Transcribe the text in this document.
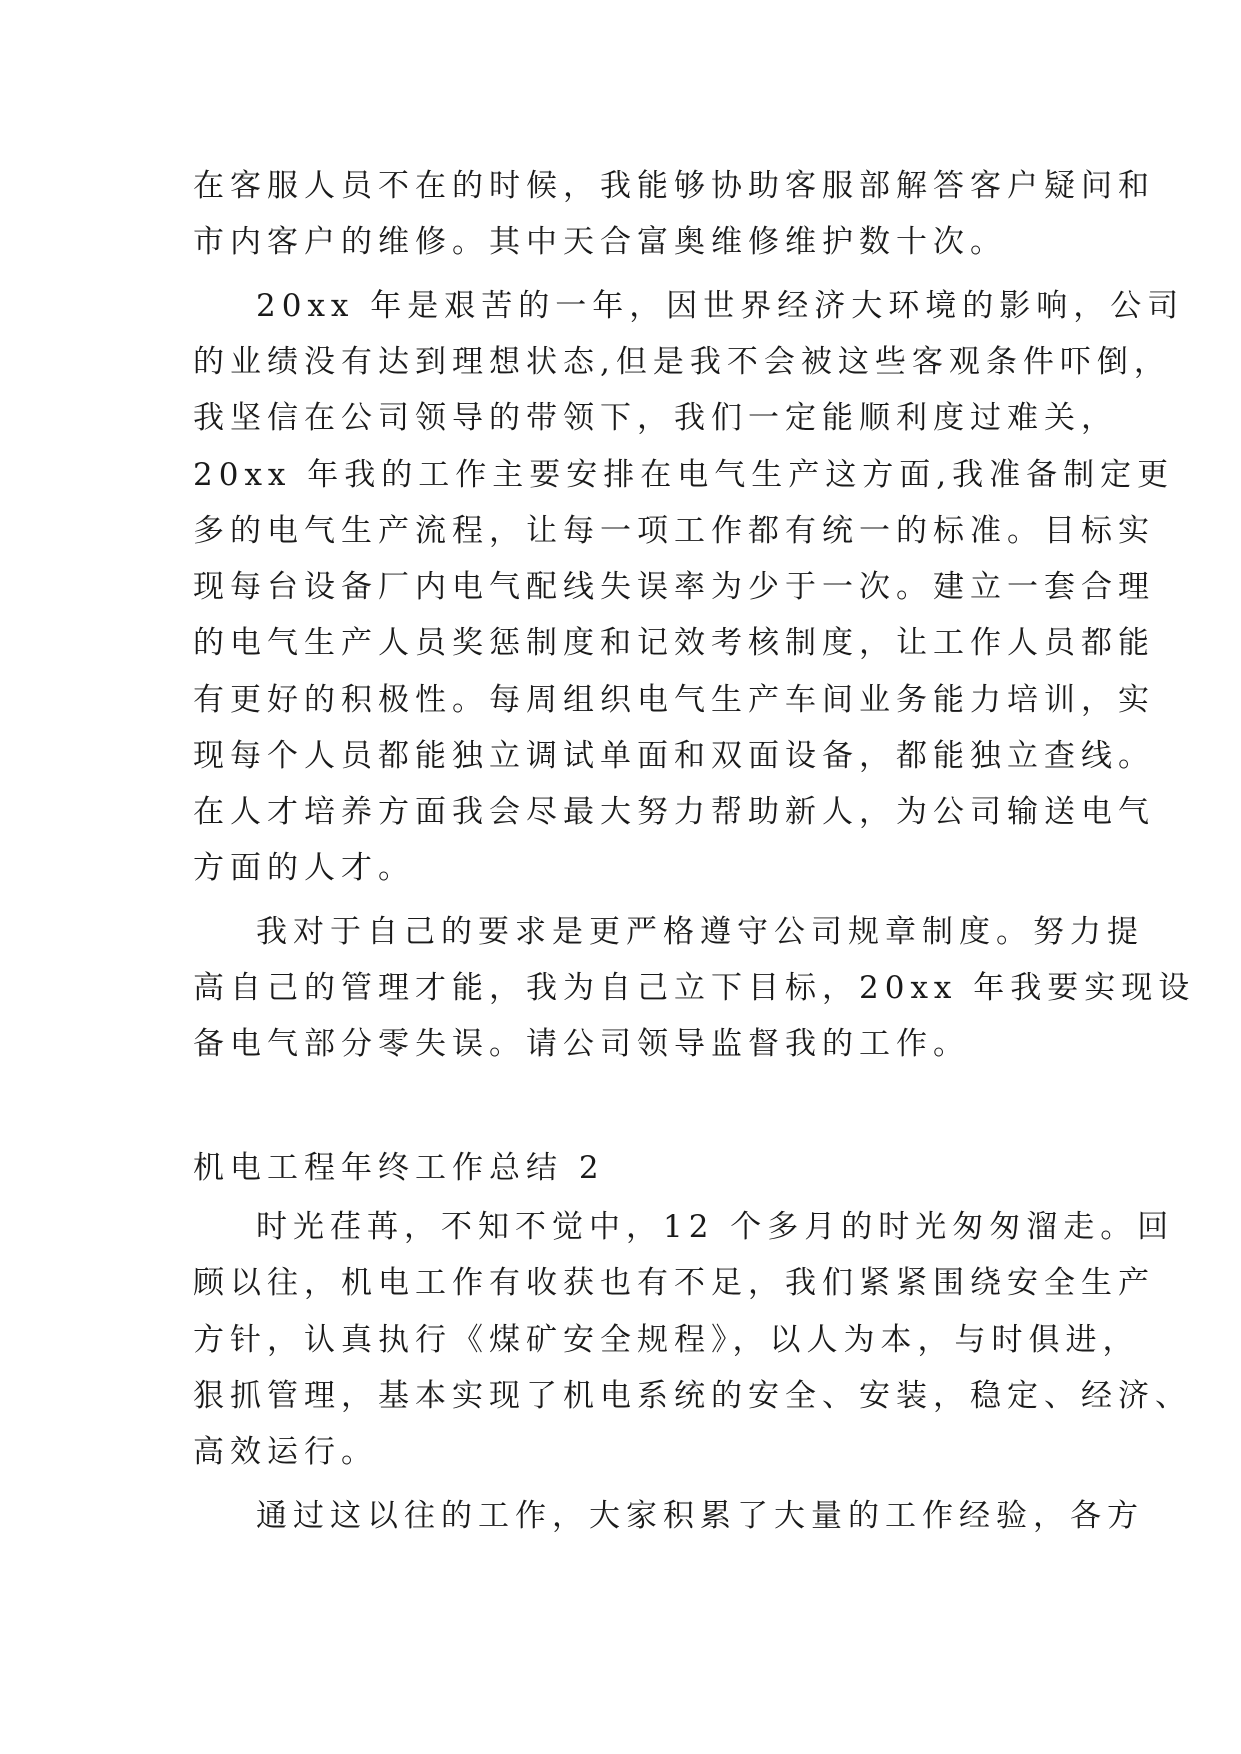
在客服人员不在的时候，我能够协助客服部解答客户疑问和
市内客户的维修。其中天合富奥维修维护数十次。
20xx 年是艰苦的一年，因世界经济大环境的影响，公司
的业绩没有达到理想状态,但是我不会被这些客观条件吓倒，
我坚信在公司领导的带领下，我们一定能顺利度过难关，
20xx 年我的工作主要安排在电气生产这方面,我准备制定更
多的电气生产流程，让每一项工作都有统一的标准。目标实
现每台设备厂内电气配线失误率为少于一次。建立一套合理
的电气生产人员奖惩制度和记效考核制度，让工作人员都能
有更好的积极性。每周组织电气生产车间业务能力培训，实
现每个人员都能独立调试单面和双面设备，都能独立查线。
在人才培养方面我会尽最大努力帮助新人，为公司输送电气
方面的人才。
我对于自己的要求是更严格遵守公司规章制度。努力提
高自己的管理才能，我为自己立下目标，20xx 年我要实现设
备电气部分零失误。请公司领导监督我的工作。
机电工程年终工作总结 2
时光荏苒，不知不觉中，12 个多月的时光匆匆溜走。回
顾以往，机电工作有收获也有不足，我们紧紧围绕安全生产
方针，认真执行《煤矿安全规程》，以人为本，与时俱进，
狠抓管理，基本实现了机电系统的安全、安装，稳定、经济、
高效运行。
通过这以往的工作，大家积累了大量的工作经验，各方
